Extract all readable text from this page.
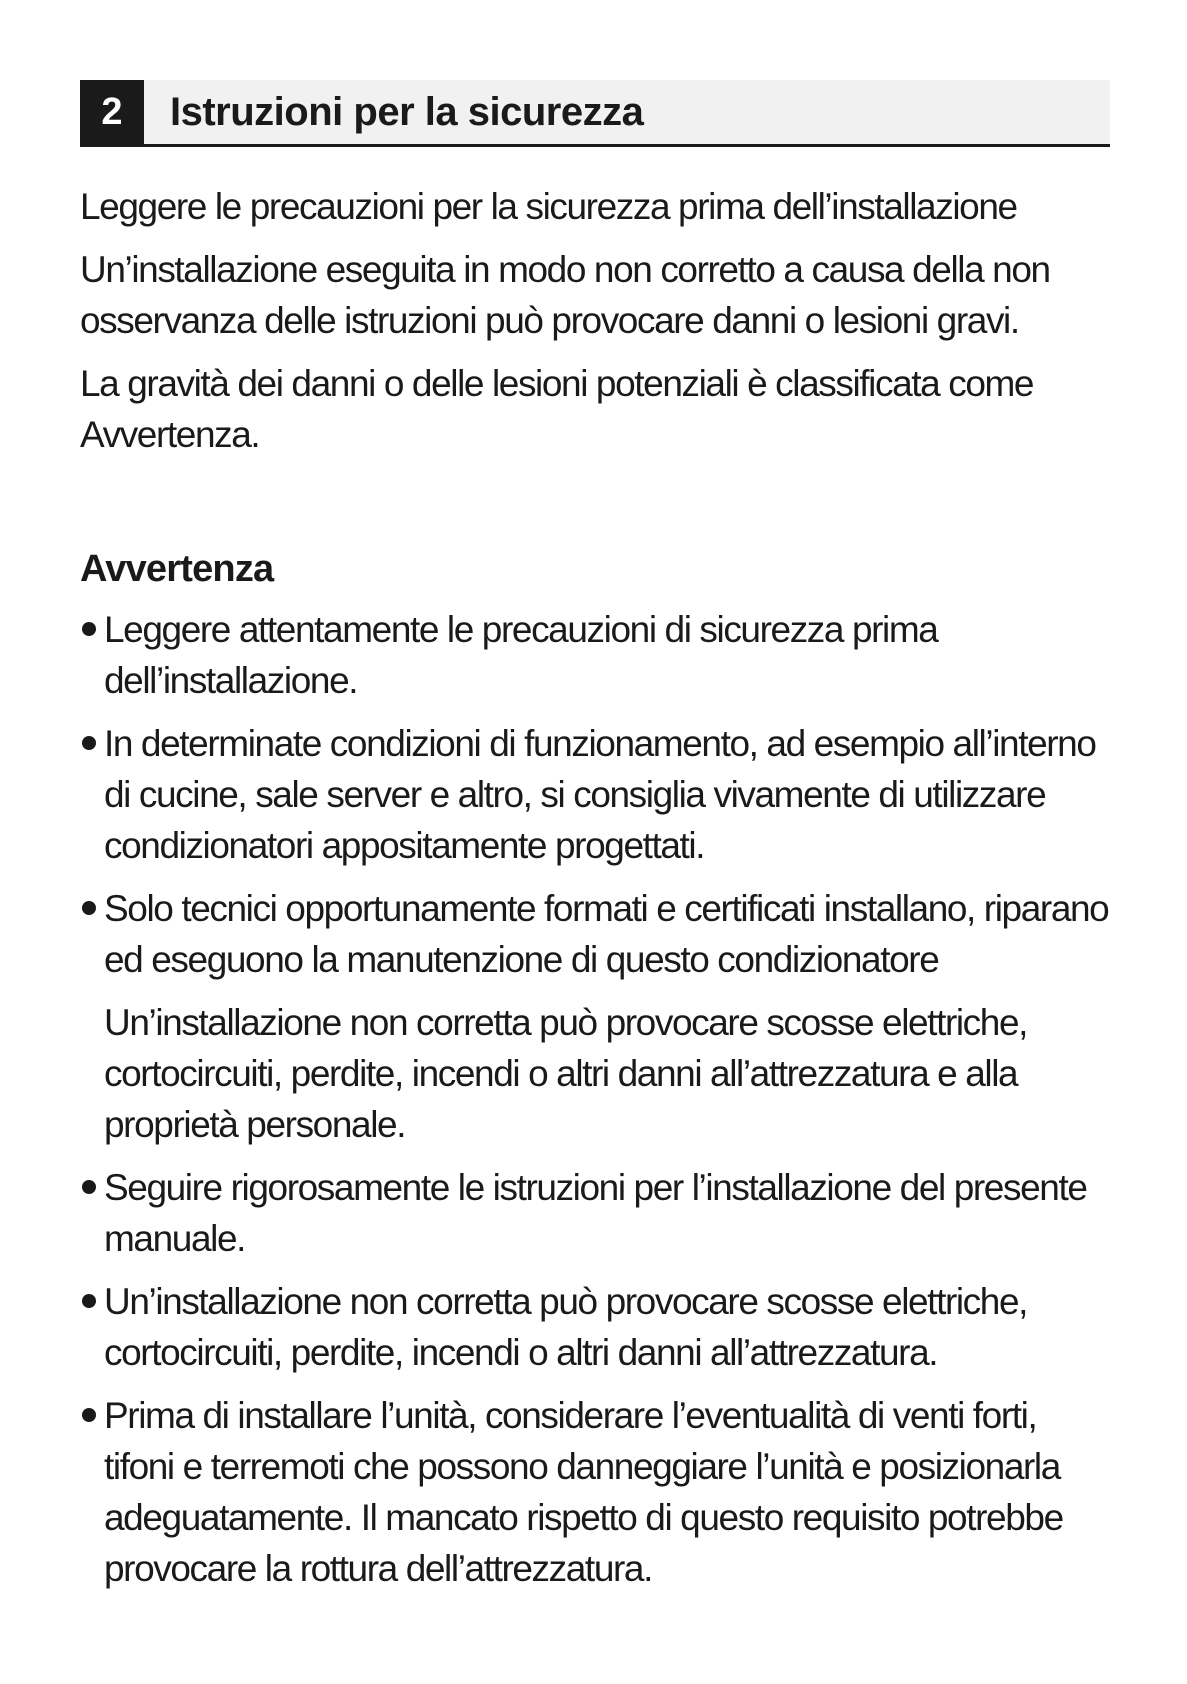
2	Istruzioni per la sicurezza

Leggere le precauzioni per la sicurezza prima dell’installazione

Un’installazione eseguita in modo non corretto a causa della non osservanza delle istruzioni può provocare danni o lesioni gravi.

La gravità dei danni o delle lesioni potenziali è classificata come Avvertenza.

Avvertenza
Leggere attentamente le precauzioni di sicurezza prima dell’installazione.
In determinate condizioni di funzionamento, ad esempio all’interno di cucine, sale server e altro, si consiglia vivamente di utilizzare condizionatori appositamente progettati.
Solo tecnici opportunamente formati e certificati installano, riparano ed eseguono la manutenzione di questo condizionatore
Un’installazione non corretta può provocare scosse elettriche, cortocircuiti, perdite, incendi o altri danni all’attrezzatura e alla proprietà personale.
Seguire rigorosamente le istruzioni per l’installazione del presente manuale.
Un’installazione non corretta può provocare scosse elettriche, cortocircuiti, perdite, incendi o altri danni all’attrezzatura.
Prima di installare l’unità, considerare l’eventualità di venti forti, tifoni e terremoti che possono danneggiare l’unità e posizionarla adeguatamente. Il mancato rispetto di questo requisito potrebbe provocare la rottura dell’attrezzatura.
